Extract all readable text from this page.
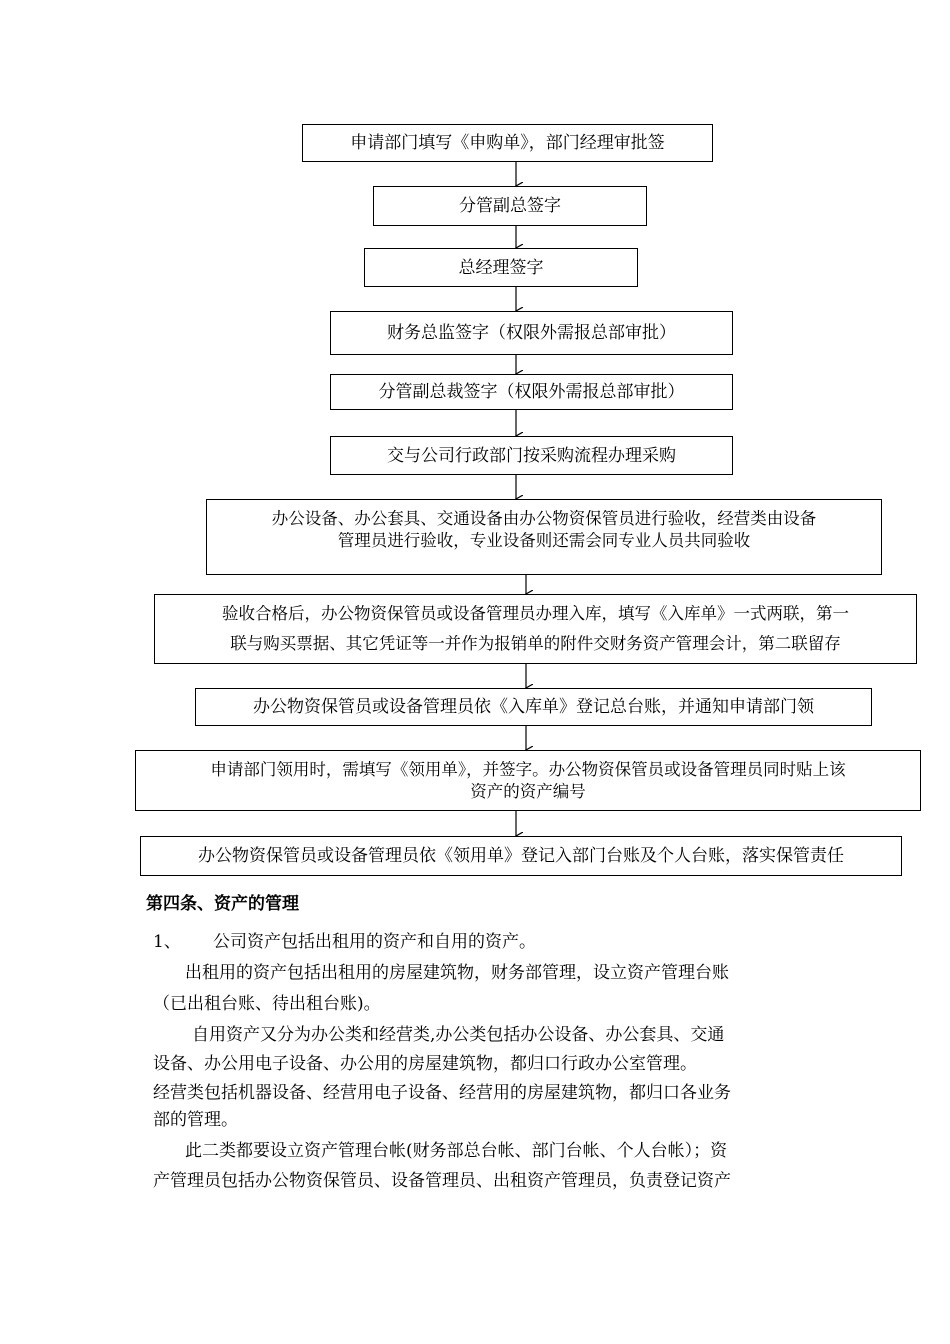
申请部门填写《申购单》，部门经理审批签
分管副总签字
总经理签字
财务总监签字（权限外需报总部审批）
分管副总裁签字（权限外需报总部审批）
交与公司行政部门按采购流程办理采购
办公设备、办公套具、交通设备由办公物资保管员进行验收，经营类由设备
管理员进行验收，专业设备则还需会同专业人员共同验收
验收合格后，办公物资保管员或设备管理员办理入库，填写《入库单》一式两联，第一
联与购买票据、其它凭证等一并作为报销单的附件交财务资产管理会计，第二联留存
办公物资保管员或设备管理员依《入库单》登记总台账，并通知申请部门领
申请部门领用时，需填写《领用单》，并签字。办公物资保管员或设备管理员同时贴上该
资产的资产编号
办公物资保管员或设备管理员依《领用单》登记入部门台账及个人台账，落实保管责任
第四条、资产的管理
1、 公司资产包括出租用的资产和自用的资产。
出租用的资产包括出租用的房屋建筑物，财务部管理，设立资产管理台账
（已出租台账、待出租台账)。
自用资产又分为办公类和经营类,办公类包括办公设备、办公套具、交通
设备、办公用电子设备、办公用的房屋建筑物，都归口行政办公室管理。
经营类包括机器设备、经营用电子设备、经营用的房屋建筑物，都归口各业务
部的管理。
此二类都要设立资产管理台帐(财务部总台帐、部门台帐、个人台帐）；资
产管理员包括办公物资保管员、设备管理员、出租资产管理员，负责登记资产
